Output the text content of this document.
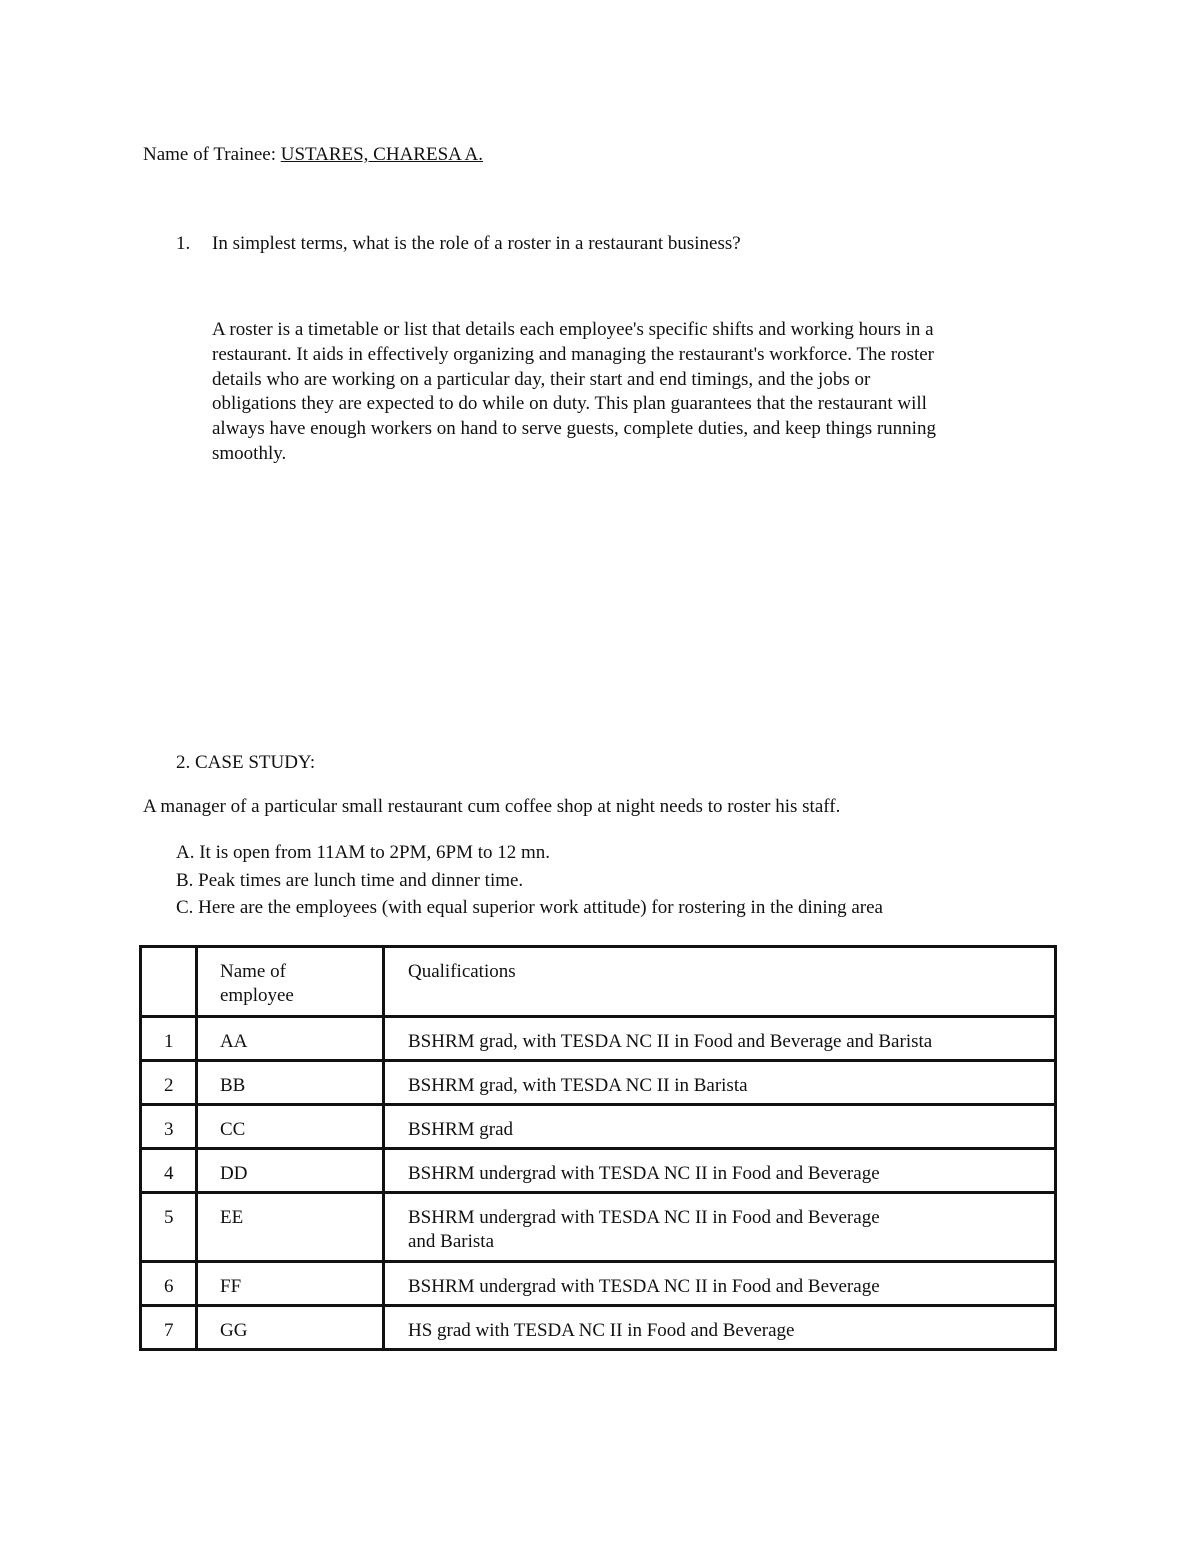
Name of Trainee: USTARES, CHARESA A.
1. In simplest terms, what is the role of a roster in a restaurant business?
A roster is a timetable or list that details each employee's specific shifts and working hours in a
restaurant. It aids in effectively organizing and managing the restaurant's workforce. The roster
details who are working on a particular day, their start and end timings, and the jobs or
obligations they are expected to do while on duty. This plan guarantees that the restaurant will
always have enough workers on hand to serve guests, complete duties, and keep things running
smoothly.
2. CASE STUDY:
A manager of a particular small restaurant cum coffee shop at night needs to roster his staff.
A. It is open from 11AM to 2PM, 6PM to 12 mn.
B. Peak times are lunch time and dinner time.
C. Here are the employees (with equal superior work attitude) for rostering in the dining area

	Name of
employee	Qualifications

1	AA	BSHRM grad, with TESDA NC II in Food and Beverage and Barista

2	BB	BSHRM grad, with TESDA NC II in Barista

3	CC	BSHRM grad

4	DD	BSHRM undergrad with TESDA NC II in Food and Beverage

5	EE	BSHRM undergrad with TESDA NC II in Food and Beverage
and Barista

6	FF	BSHRM undergrad with TESDA NC II in Food and Beverage

7	GG	HS grad with TESDA NC II in Food and Beverage
